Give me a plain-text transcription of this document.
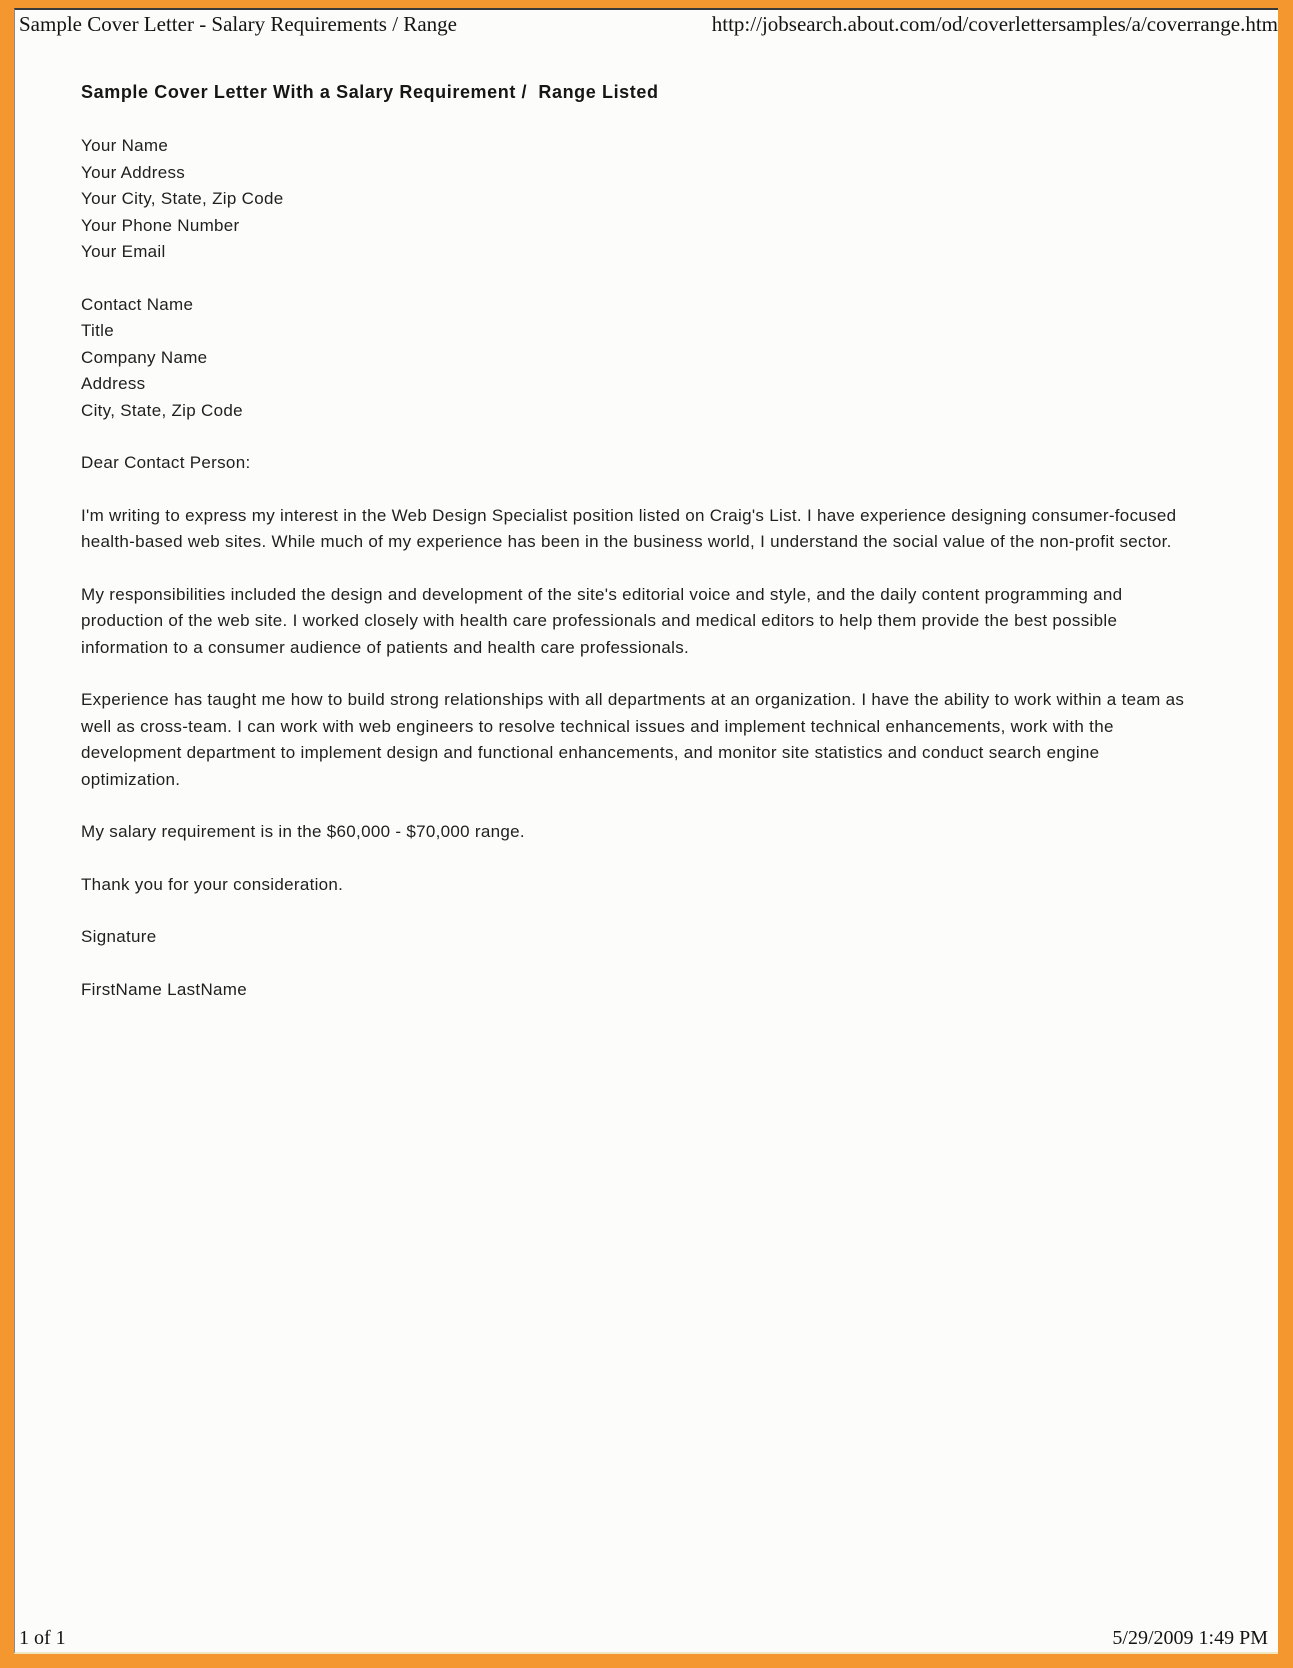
Sample Cover Letter - Salary Requirements / Range	http://jobsearch.about.com/od/coverlettersamples/a/coverrange.htm
Sample Cover Letter With a Salary Requirement /  Range Listed
Your Name
Your Address
Your City, State, Zip Code
Your Phone Number
Your Email
Contact Name
Title
Company Name
Address
City, State, Zip Code

Dear Contact Person:

I'm writing to express my interest in the Web Design Specialist position listed on Craig's List. I have experience designing consumer-focused health-based web sites. While much of my experience has been in the business world, I understand the social value of the non-profit sector.

My responsibilities included the design and development of the site's editorial voice and style, and the daily content programming and production of the web site. I worked closely with health care professionals and medical editors to help them provide the best possible information to a consumer audience of patients and health care professionals.

Experience has taught me how to build strong relationships with all departments at an organization. I have the ability to work within a team as well as cross-team. I can work with web engineers to resolve technical issues and implement technical enhancements, work with the development department to implement design and functional enhancements, and monitor site statistics and conduct search engine optimization.

My salary requirement is in the $60,000 - $70,000 range.

Thank you for your consideration.

Signature

FirstName LastName

1 of 1	5/29/2009 1:49 PM
